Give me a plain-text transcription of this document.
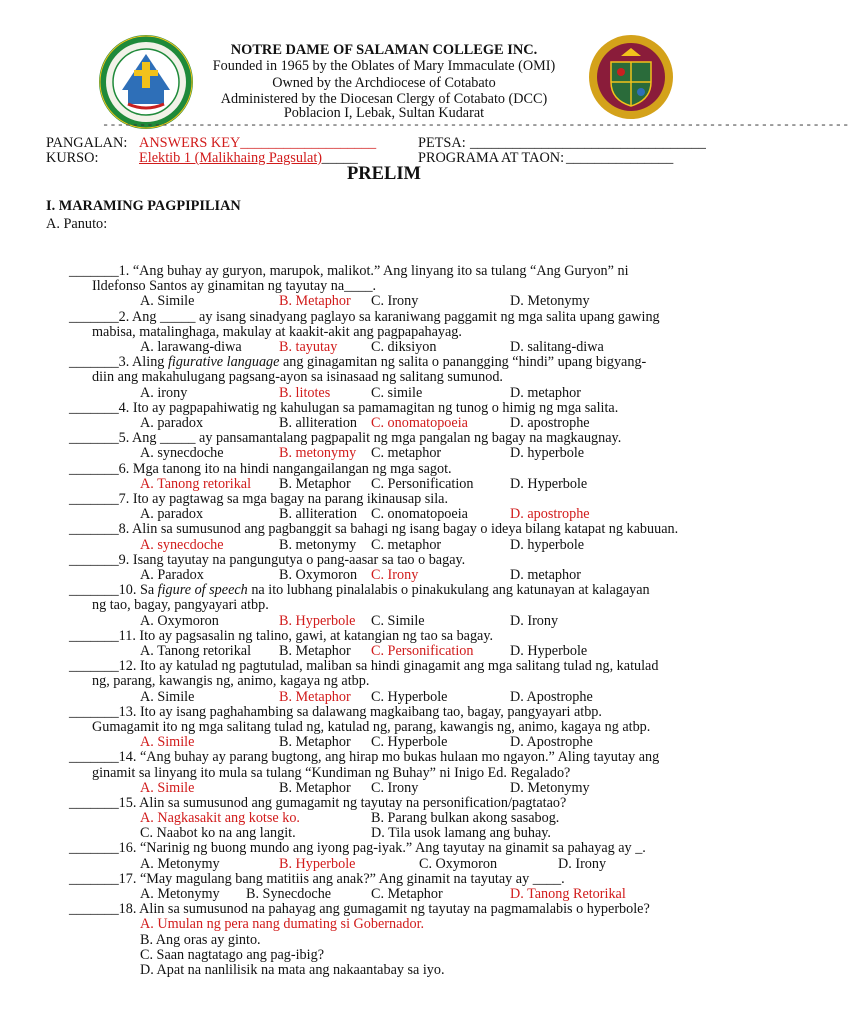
NOTRE DAME OF SALAMAN COLLEGE INC.
Founded in 1965 by the Oblates of Mary Immaculate (OMI)
Owned by the Archdiocese of Cotabato
Administered by the Diocesan Clergy of Cotabato (DCC)
Poblacion I, Lebak, Sultan Kudarat
-----------------------------------------------------------------------------------------------------
PANGALAN: ANSWERS KEY___________________	PETSA: _________________________________
KURSO:	Elektib 1 (Malikhaing Pagsulat)_____	PROGRAMA AT TAON: _______________
PRELIM
I. MARAMING PAGPIPILIAN
A. Panuto:
_______1. “Ang buhay ay guryon, marupok, malikot.” Ang linyang ito sa tulang “Ang Guryon” ni
Ildefonso Santos ay ginamitan ng tayutay na____.
A. Simile	B. Metaphor C. Irony	D. Metonymy
_______2. Ang _____ ay isang sinadyang paglayo sa karaniwang paggamit ng mga salita upang gawing
mabisa, matalinghaga, makulay at kaakit-akit ang pagpapahayag.
A. larawang-diwa	B. tayutay C. diksiyon	D. salitang-diwa
_______3. Aling figurative language ang ginagamitan ng salita o panangging “hindi” upang bigyang-
diin ang makahulugang pagsang-ayon sa isinasaad ng salitang sumunod.
A. irony	B. litotes	C. simile	D. metaphor
_______4. Ito ay pagpapahiwatig ng kahulugan sa pamamagitan ng tunog o himig ng mga salita.
A. paradox	B. alliteration C. onomatopoeia	D. apostrophe
_______5. Ang _____ ay pansamantalang pagpapalit ng mga pangalan ng bagay na magkaugnay.
A. synecdoche	B. metonymy C. metaphor	D. hyperbole
_______6. Mga tanong ito na hindi nangangailangan ng mga sagot.
A. Tanong retorikal B. Metaphor C. Personification	D. Hyperbole
_______7. Ito ay pagtawag sa mga bagay na parang ikinausap sila.
A. paradox	B. alliteration C. onomatopoeia	D. apostrophe
_______8. Alin sa sumusunod ang pagbanggit sa bahagi ng isang bagay o ideya bilang katapat ng kabuuan.
A. synecdoche	B. metonymy C. metaphor	D. hyperbole
_______9. Isang tayutay na pangungutya o pang-aasar sa tao o bagay.
A. Paradox	B. Oxymoron C. Irony	D. metaphor
_______10. Sa figure of speech na ito lubhang pinalalabis o pinakukulang ang katunayan at kalagayan
ng tao, bagay, pangyayari atbp.
A. Oxymoron	B. Hyperbole C. Simile	D. Irony
_______11. Ito ay pagsasalin ng talino, gawi, at katangian ng tao sa bagay.
A. Tanong retorikal B. Metaphor C. Personification	D. Hyperbole
_______12. Ito ay katulad ng pagtutulad, maliban sa hindi ginagamit ang mga salitang tulad ng, katulad
ng, parang, kawangis ng, animo, kagaya ng atbp.
A. Simile	B. Metaphor C. Hyperbole	D. Apostrophe
_______13. Ito ay isang paghahambing sa dalawang magkaibang tao, bagay, pangyayari atbp.
Gumagamit ito ng mga salitang tulad ng, katulad ng, parang, kawangis ng, animo, kagaya ng atbp.
A. Simile	B. Metaphor C. Hyperbole	D. Apostrophe
_______14. “Ang buhay ay parang bugtong, ang hirap mo bukas hulaan mo ngayon.” Aling tayutay ang
ginamit sa linyang ito mula sa tulang “Kundiman ng Buhay” ni Inigo Ed. Regalado?
A. Simile	B. Metaphor C. Irony	D. Metonymy
_______15. Alin sa sumusunod ang gumagamit ng tayutay na personification/pagtatao?
A. Nagkasakit ang kotse ko.	B. Parang bulkan akong sasabog.
C. Naabot ko na ang langit.	D. Tila usok lamang ang buhay.
_______16. “Narinig ng buong mundo ang iyong pag-iyak.” Ang tayutay na ginamit sa pahayag ay _.
A. Metonymy	B. Hyperbole	C. Oxymoron	D. Irony
_______17. “May magulang bang matitiis ang anak?” Ang ginamit na tayutay ay ____.
A. Metonymy B. Synecdoche	C. Metaphor	D. Tanong Retorikal
_______18. Alin sa sumusunod na pahayag ang gumagamit ng tayutay na pagmamalabis o hyperbole?
A. Umulan ng pera nang dumating si Gobernador.
B. Ang oras ay ginto.
C. Saan nagtatago ang pag-ibig?
D. Apat na nanlilisik na mata ang nakaantabay sa iyo.
